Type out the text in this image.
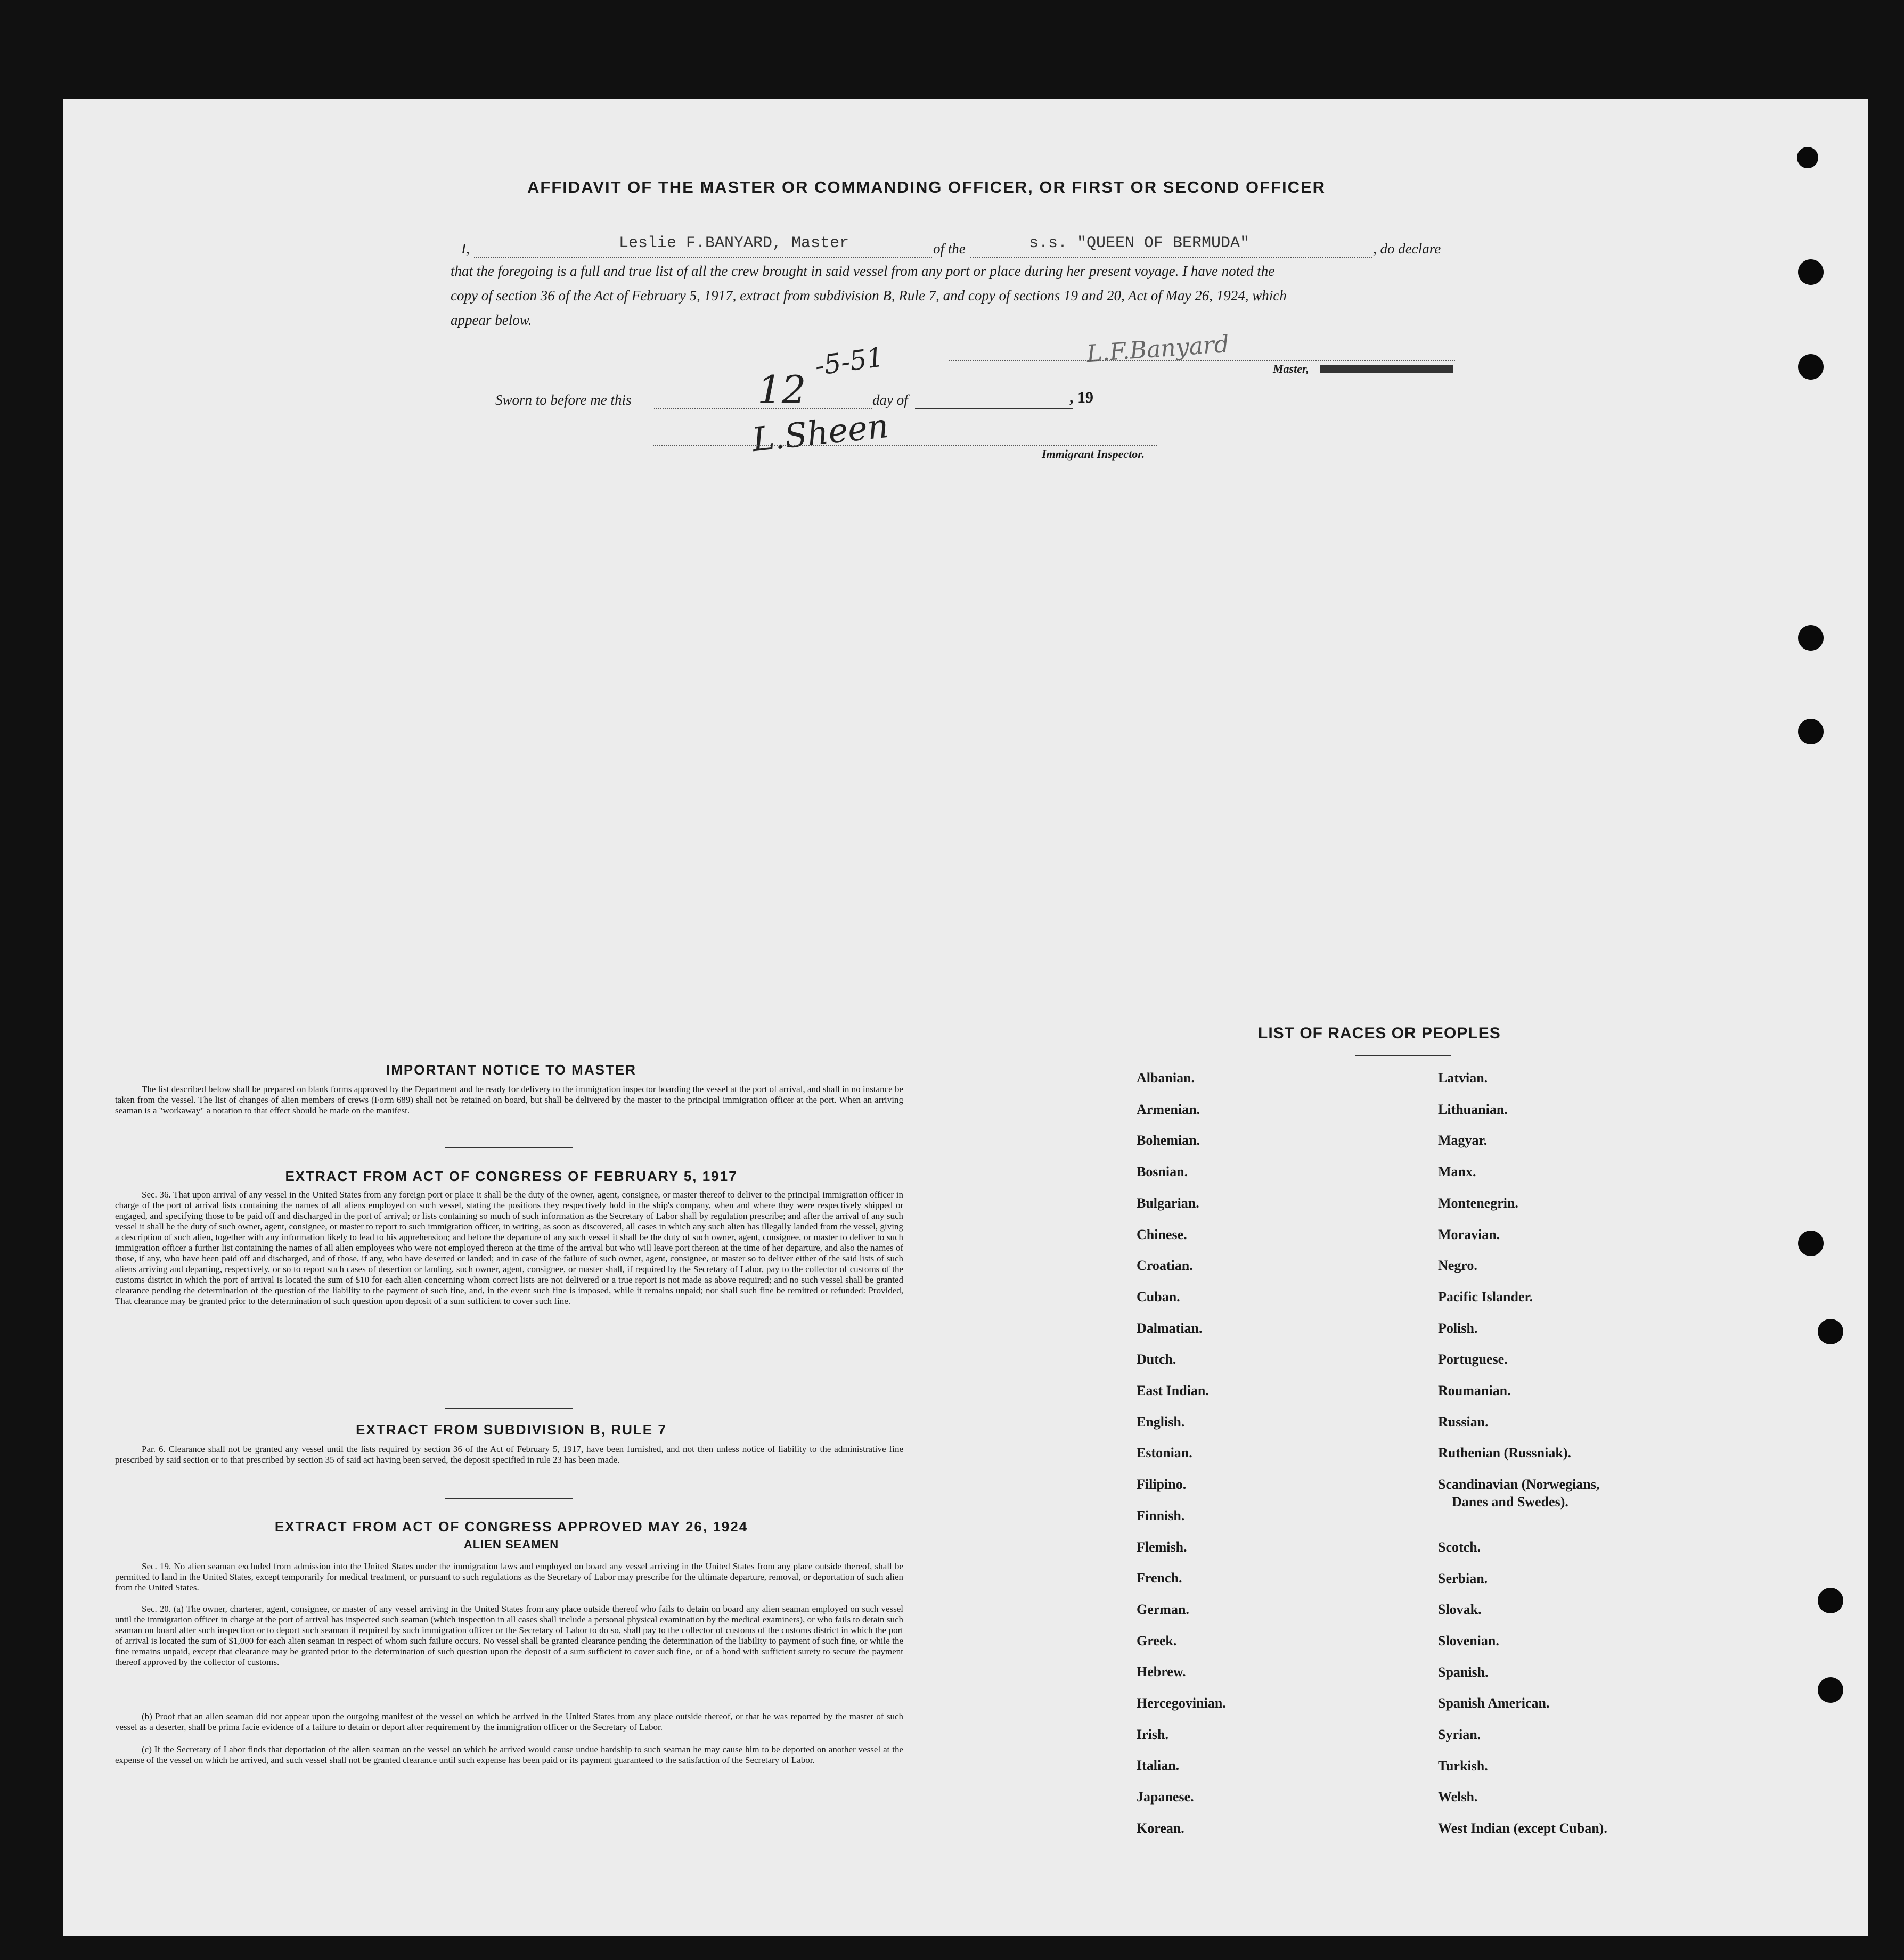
AFFIDAVIT OF THE MASTER OR COMMANDING OFFICER, OR FIRST OR SECOND OFFICER
I,	Leslie F.BANYARD, Master	of the	s.s. "QUEEN OF BERMUDA"	, do declare
that the foregoing is a full and true list of all the crew brought in said vessel from any port or place during her present voyage. I have noted the
copy of section 36 of the Act of February 5, 1917, extract from subdivision B, Rule 7, and copy of sections 19 and 20, Act of May 26, 1924, which
appear below.
L.F.Banyard
Master,
Sworn to before me this	12
-5-51
day of	, 19
L.Sheen	Immigrant Inspector.
IMPORTANT NOTICE TO MASTER
The list described below shall be prepared on blank forms approved by the Department and be ready for delivery to the immigration inspector boarding the vessel at the port of arrival, and shall in no instance be taken from the vessel. The list of changes of alien members of crews (Form 689) shall not be retained on board, but shall be delivered by the master to the principal immigration officer at the port. When an arriving seaman is a "workaway" a notation to that effect should be made on the manifest.
EXTRACT FROM ACT OF CONGRESS OF FEBRUARY 5, 1917
Sec. 36. That upon arrival of any vessel in the United States from any foreign port or place it shall be the duty of the owner, agent, consignee, or master thereof to deliver to the principal immigration officer in charge of the port of arrival lists containing the names of all aliens employed on such vessel, stating the positions they respectively hold in the ship's company, when and where they were respectively shipped or engaged, and specifying those to be paid off and discharged in the port of arrival; or lists containing so much of such information as the Secretary of Labor shall by regulation prescribe; and after the arrival of any such vessel it shall be the duty of such owner, agent, consignee, or master to report to such immigration officer, in writing, as soon as discovered, all cases in which any such alien has illegally landed from the vessel, giving a description of such alien, together with any information likely to lead to his apprehension; and before the departure of any such vessel it shall be the duty of such owner, agent, consignee, or master to deliver to such immigration officer a further list containing the names of all alien employees who were not employed thereon at the time of the arrival but who will leave port thereon at the time of her departure, and also the names of those, if any, who have been paid off and discharged, and of those, if any, who have deserted or landed; and in case of the failure of such owner, agent, consignee, or master so to deliver either of the said lists of such aliens arriving and departing, respectively, or so to report such cases of desertion or landing, such owner, agent, consignee, or master shall, if required by the Secretary of Labor, pay to the collector of customs of the customs district in which the port of arrival is located the sum of $10 for each alien concerning whom correct lists are not delivered or a true report is not made as above required; and no such vessel shall be granted clearance pending the determination of the question of the liability to the payment of such fine, and, in the event such fine is imposed, while it remains unpaid; nor shall such fine be remitted or refunded: Provided, That clearance may be granted prior to the determination of such question upon deposit of a sum sufficient to cover such fine.
EXTRACT FROM SUBDIVISION B, RULE 7
Par. 6. Clearance shall not be granted any vessel until the lists required by section 36 of the Act of February 5, 1917, have been furnished, and not then unless notice of liability to the administrative fine prescribed by said section or to that prescribed by section 35 of said act having been served, the deposit specified in rule 23 has been made.
EXTRACT FROM ACT OF CONGRESS APPROVED MAY 26, 1924
ALIEN SEAMEN
Sec. 19. No alien seaman excluded from admission into the United States under the immigration laws and employed on board any vessel arriving in the United States from any place outside thereof, shall be permitted to land in the United States, except temporarily for medical treatment, or pursuant to such regulations as the Secretary of Labor may prescribe for the ultimate departure, removal, or deportation of such alien from the United States.
Sec. 20. (a) The owner, charterer, agent, consignee, or master of any vessel arriving in the United States from any place outside thereof who fails to detain on board any alien seaman employed on such vessel until the immigration officer in charge at the port of arrival has inspected such seaman (which inspection in all cases shall include a personal physical examination by the medical examiners), or who fails to detain such seaman on board after such inspection or to deport such seaman if required by such immigration officer or the Secretary of Labor to do so, shall pay to the collector of customs of the customs district in which the port of arrival is located the sum of $1,000 for each alien seaman in respect of whom such failure occurs. No vessel shall be granted clearance pending the determination of the liability to payment of such fine, or while the fine remains unpaid, except that clearance may be granted prior to the determination of such question upon the deposit of a sum sufficient to cover such fine, or of a bond with sufficient surety to secure the payment thereof approved by the collector of customs.
(b) Proof that an alien seaman did not appear upon the outgoing manifest of the vessel on which he arrived in the United States from any place outside thereof, or that he was reported by the master of such vessel as a deserter, shall be prima facie evidence of a failure to detain or deport after requirement by the immigration officer or the Secretary of Labor.
(c) If the Secretary of Labor finds that deportation of the alien seaman on the vessel on which he arrived would cause undue hardship to such seaman he may cause him to be deported on another vessel at the expense of the vessel on which he arrived, and such vessel shall not be granted clearance until such expense has been paid or its payment guaranteed to the satisfaction of the Secretary of Labor.
LIST OF RACES OR PEOPLES
Albanian.
Armenian.
Bohemian.
Bosnian.
Bulgarian.
Chinese.
Croatian.
Cuban.
Dalmatian.
Dutch.
East Indian.
English.
Estonian.
Filipino.
Finnish.
Flemish.
French.
German.
Greek.
Hebrew.
Hercegovinian.
Irish.
Italian.
Japanese.
Korean.
Latvian.
Lithuanian.
Magyar.
Manx.
Montenegrin.
Moravian.
Negro.
Pacific Islander.
Polish.
Portuguese.
Roumanian.
Russian.
Ruthenian (Russniak).
Scandinavian (Norwegians,
Scotch.
Serbian.
Slovak.
Slovenian.
Spanish.
Spanish American.
Syrian.
Turkish.
Welsh.
West Indian (except Cuban).
Danes and Swedes).
